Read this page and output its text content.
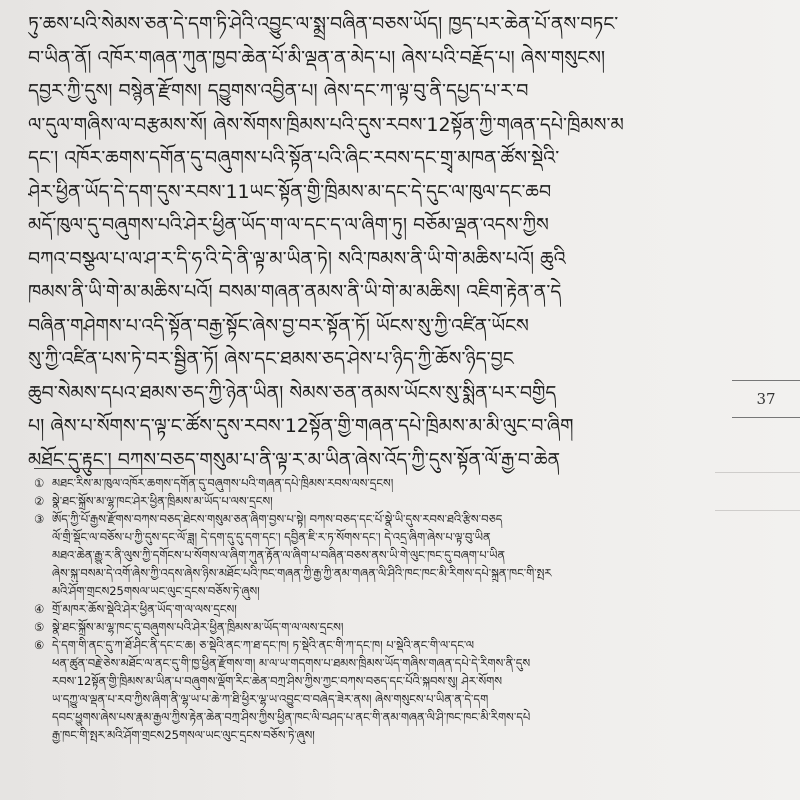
ཏུ་ཆས་པའི་སེམས་ཅན་དེ་དག་ཏི་ཤེའི་འབྱུང་ལ་སྨྲ་བཞིན་བཅས་ཡོད། ཁྱད་པར་ཆེན་པོ་ནས་བཏང་
བ་ཡིན་ནོ། འཁོར་གཞན་ཀུན་ཁྱབ་ཆེན་པོ་མི་ལྡན་ན་མེད་པ། ཞེས་པའི་བརྗོད་པ། ཞེས་གསུངས།
དབྱར་ཀྱི་དུས། བསྙེན་རྫོགས། དབྱུགས་འབྱིན་པ། ཞེས་དང་ཀ་ལྟ་བུ་ནི་དཔྱད་པ་ར་བ
ལ་དུལ་གཞིས་ལ་བརྩམས་སོ། ཞེས་སོགས་ཁྲིམས་པའི་དུས་རབས་12སྟོན་ཀྱི་གཞན་དཔེ་ཁྲིམས་མ
དང་། འཁོར་ཆགས་དགོན་དུ་བཞུགས་པའི་སྟོན་པའི་ཞིང་རབས་དང་གྲྭ་མཁན་ཚོས་སྡེའི་
ཤེར་ཕྱིན་ཡོད་དེ་དག་དུས་རབས་11ཡང་སྟོན་གྱི་ཁྲིམས་མ་དང་དེ་དུང་ལ་ཁུལ་དང་ཆབ
མདོ་ཁུལ་དུ་བཞུགས་པའི་ཤེར་ཕྱིན་ཡོད་ག་ལ་དང་ད་ལ་ཞིག་ཏུ། བཅོམ་ལྡན་འདས་ཀྱིས
བཀའ་བསྩལ་པ་ལ་ཤ་ར་དི་ཧ་འི་དེ་ནི་ལྟ་མ་ཡིན་ཏེ། སའི་ཁམས་ནི་ཡི་གེ་མཆིས་པའོ། ཆུའི
ཁམས་ནི་ཡི་གེ་མ་མཆིས་པའོ། བསམ་གཞན་ནམས་ནི་ཡི་གེ་མ་མཆིས། འཇིག་རྟེན་ན་དེ
བཞིན་གཤེགས་པ་འདི་སྟོན་བརྒྱ་སྟོང་ཞེས་བྱ་བར་སྟོན་ཏོ། ཡོངས་སུ་ཀྱི་འཛིན་ཡོངས
སུ་ཀྱི་འཛིན་པས་ཏེ་བར་སྦྱིན་ཏོ། ཞེས་དང་ཐམས་ཅད་ཤེས་པ་ཉིད་ཀྱི་ཆོས་ཉིད་བྱང
ཆུབ་སེམས་དཔའ་ཐམས་ཅད་ཀྱི་ཉེན་ཡིན། སེམས་ཅན་ནམས་ཡོངས་སུ་སྨིན་པར་བགྱིད
པ། ཞེས་པ་སོགས་ད་ལྟ་ང་ཚོས་དུས་རབས་12སྟོན་གྱི་གཞན་དཔེ་ཁྲིམས་མ་མི་ལུང་བ་ཞིག
མཐོང་དུ་རྟུང་། བཀས་བཅད་གསུམ་པ་ནི་ལྟ་ར་མ་ཡིན་ཞེས་འོད་ཀྱི་དུས་སྟོན་ལོ་རྒྱ་བ་ཆེན
37
① མཐང་རིས་མ་ཁུལ་འཁོར་ཆགས་དགོན་དུ་བཞུགས་པའི་གཞན་དཔེ་ཁྲིམས་རབས་ལས་དྲངས།
② སྣེ་ཐང་སྐྲོས་མ་ལྷ་ཁང་ཤེར་ཕྱིན་ཁྲིམས་མ་ཡོད་པ་ལས་དྲངས།
③ ཨོད་ཀྱི་པོ་རྒྱས་རྫོགས་བཀས་བཅད་ཐེངས་གསུམ་ཅན་ཞིག་བྱས་པ་སྟེ། བཀས་བཅད་དང་པོ་སྣེ་ཡི་དུས་རབས་ཐའི་རྩིས་བཅད
ལོ་གྲི་སྡོང་ལ་བཅོས་པ་ཀྱི་དུས་དང་ལོ་ཟླ། དེ་དག་དུ་དུ་དག་དང་། དབྱིན་ཇི་ར་ཏ་སོགས་དང་། དེ་འདྲ་ཞིག་ཞེས་པ་ལྟ་བུ་ཡིན
མཐའ་ཆེན་རྒྱུ་ར་ནི་ལུས་ཀྱི་དགོངས་པ་སོགས་ལ་ཞིག་ཀུན་རྟོན་ལ་ཞིག་པ་བཞིན་བཅས་ནས་ཡི་གེ་ལུང་ཁང་དུ་བཞག་པ་ཡིན
ཞེས་སྐུ་བསམ་དེ་འགོ་ཞེས་ཀྱི་འདས་ཞེས་ཉིས་མཐོང་པའི་ཁང་གཞན་ཀྱི་རྒྱ་ཀྱི་ནམ་གཞན་ལི་ཤིའི་ཁང་ཁང་མི་རིགས་དཔེ་སྐྲུན་ཁང་གི་སྤར
མའི་ཤོག་གྲངས25གསལ་ཡང་ལུང་དྲངས་བཅོས་ཏེ་ཞུས།
④ གྲོ་མཁར་ཆོས་སྡེའི་ཤེར་ཕྱིན་ཡོད་ག་ལ་ལས་དྲངས།
⑤ སྣེ་ཐང་སྐྲོས་མ་ལྷ་ཁང་དུ་བཞུགས་པའི་ཤེར་ཕྱིན་ཁྲིམས་མ་ཡོད་ག་ལ་ལས་དྲངས།
⑥ དེ་དག་གི་ནང་དུ་ཀ་ཐོ་ཤིང་ནི་དང་ང་ཆ། ཅ་སྡེའི་ནང་ཀ་ཐ་དང་ཁ། ཏ་སྡེའི་ནང་གི་ཀ་དང་ཁ། པ་སྡེའི་ནང་གི་ལ་དང་ལ
ཕན་ཚུན་བརྗེ་ཅེས་མཐོང་ལ་ནང་དུ་གི་ཁྱ་ཕྱིན་རྫོགས་ག། མ་ལ་ཡ་གདགས་པ་ཐམས་ཁྲིམས་ཡོད་གཞིས་གཞན་དཔེ་དེ་རིགས་ནི་དུས
རབས་12སྟོན་གྱི་ཁྲིམས་མ་ཡིན་པ་བཞུགས་ལྡོག་རིང་ཆེན་བཀྲ་ཤིས་ཀྱིས་ཀྱང་བཀས་བཅད་དང་པོའི་སྐབས་སུ། ཤེར་སོགས
ཡ་དཀྱུ་ལ་ལྡན་པ་རབ་ཀྱིས་ཞིག་ནི་ལྷ་ཡ་པ་ཆེ་ཀ་ཐི་ཕྱིར་ལྷ་ཡ་འབྱུང་བ་བཞེད་ཟེར་ནས། ཞེས་གསུངས་པ་ཡིན་ན་དེ་དག
དབང་ཕྱུགས་ཞེས་པས་རྣམ་རྒྱལ་ཀྱིས་རྟེན་ཆེན་བཀྲ་ཤིས་ཀྱིས་ཕྱིན་ཁང་ལི་བཤད་པ་ནང་གི་ནམ་གཞན་ལི་ཤི་ཁང་ཁང་མི་རིགས་དཔེ
རྒྱ་ཁང་གི་སྤར་མའི་ཤོག་གྲངས25གསལ་ཡང་ལུང་དྲངས་བཅོས་ཏེ་ཞུས།
